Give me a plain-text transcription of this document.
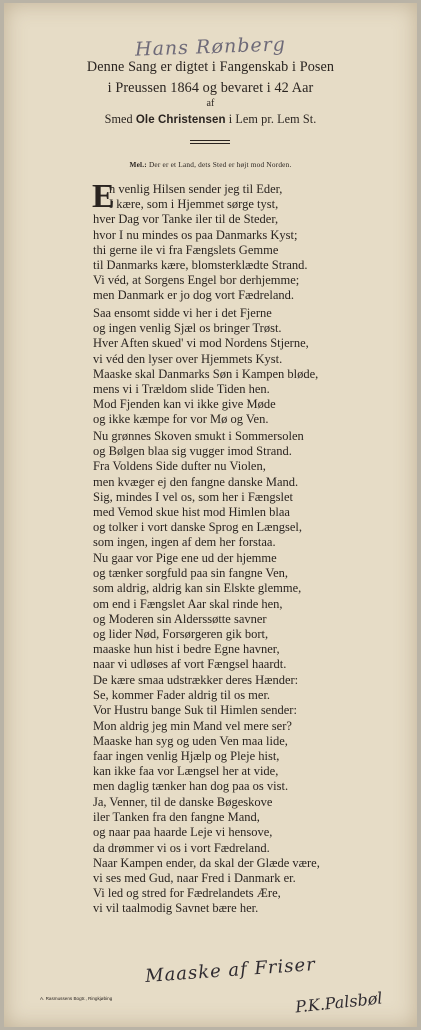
Hans Rønberg
Denne Sang er digtet i Fangenskab i Posen
i Preussen 1864 og bevaret i 42 Aar
af
Smed Ole Christensen i Lem pr. Lem St.
Mel.: Der er et Land, dets Sted er højt mod Norden.
E
n venlig Hilsen sender jeg til Eder,
I kære, som i Hjemmet sørge tyst,
hver Dag vor Tanke iler til de Steder,
hvor I nu mindes os paa Danmarks Kyst;
thi gerne ile vi fra Fængslets Gemme
til Danmarks kære, blomsterklædte Strand.
Vi véd, at Sorgens Engel bor derhjemme;
men Danmark er jo dog vort Fædreland.
Saa ensomt sidde vi her i det Fjerne
og ingen venlig Sjæl os bringer Trøst.
Hver Aften skued' vi mod Nordens Stjerne,
vi véd den lyser over Hjemmets Kyst.
Maaske skal Danmarks Søn i Kampen bløde,
mens vi i Trældom slide Tiden hen.
Mod Fjenden kan vi ikke give Møde
og ikke kæmpe for vor Mø og Ven.
Nu grønnes Skoven smukt i Sommersolen
og Bølgen blaa sig vugger imod Strand.
Fra Voldens Side dufter nu Violen,
men kvæger ej den fangne danske Mand.
Sig, mindes I vel os, som her i Fængslet
med Vemod skue hist mod Himlen blaa
og tolker i vort danske Sprog en Længsel,
som ingen, ingen af dem her forstaa.
Nu gaar vor Pige ene ud der hjemme
og tænker sorgfuld paa sin fangne Ven,
som aldrig, aldrig kan sin Elskte glemme,
om end i Fængslet Aar skal rinde hen,
og Moderen sin Alderssøtte savner
og lider Nød, Forsørgeren gik bort,
maaske hun hist i bedre Egne havner,
naar vi udløses af vort Fængsel haardt.
De kære smaa udstrækker deres Hænder:
Se, kommer Fader aldrig til os mer.
Vor Hustru bange Suk til Himlen sender:
Mon aldrig jeg min Mand vel mere ser?
Maaske han syg og uden Ven maa lide,
faar ingen venlig Hjælp og Pleje hist,
kan ikke faa vor Længsel her at vide,
men daglig tænker han dog paa os vist.
Ja, Venner, til de danske Bøgeskove
iler Tanken fra den fangne Mand,
og naar paa haarde Leje vi hensove,
da drømmer vi os i vort Fædreland.
Naar Kampen ender, da skal der Glæde være,
vi ses med Gud, naar Fred i Danmark er.
Vi led og stred for Fædrelandets Ære,
vi vil taalmodig Savnet bære her.
Maaske af Friser
A. Rasmussens Bogtr., Ringkjøbing	P.K.Palsbøl
